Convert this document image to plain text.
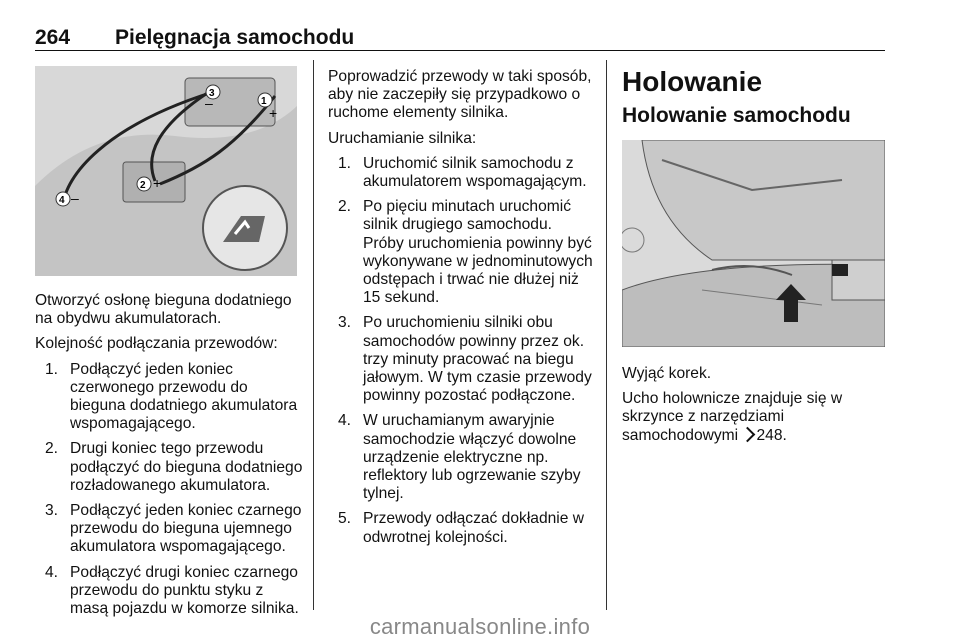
264 Pielęgnacja samochodu
1
2
3
4
+
+
–
–

Otworzyć osłonę bieguna dodatniego na obydwu akumulatorach.

Kolejność podłączania przewodów:

1. Podłączyć jeden koniec czerwonego przewodu do bieguna dodatniego akumulatora wspomagającego.
2. Drugi koniec tego przewodu podłączyć do bieguna dodatniego rozładowanego akumulatora.
3. Podłączyć jeden koniec czarnego przewodu do bieguna ujemnego akumulatora wspomagającego.
4. Podłączyć drugi koniec czarnego przewodu do punktu styku z masą pojazdu w komorze silnika.

Poprowadzić przewody w taki sposób, aby nie zaczepiły się przypadkowo o ruchome elementy silnika.

Uruchamianie silnika:

1. Uruchomić silnik samochodu z akumulatorem wspomagającym.
2. Po pięciu minutach uruchomić silnik drugiego samochodu. Próby uruchomienia powinny być wykonywane w jednominutowych odstępach i trwać nie dłużej niż 15 sekund.
3. Po uruchomieniu silniki obu samochodów powinny przez ok. trzy minuty pracować na biegu jałowym. W tym czasie przewody powinny pozostać podłączone.
4. W uruchamianym awaryjnie samochodzie włączyć dowolne urządzenie elektryczne np. reflektory lub ogrzewanie szyby tylnej.
5. Przewody odłączać dokładnie w odwrotnej kolejności.
Holowanie
Holowanie samochodu

Wyjąć korek.

Ucho holownicze znajduje się w skrzynce z narzędziami samochodowymi 248.

carmanualsonline.info
